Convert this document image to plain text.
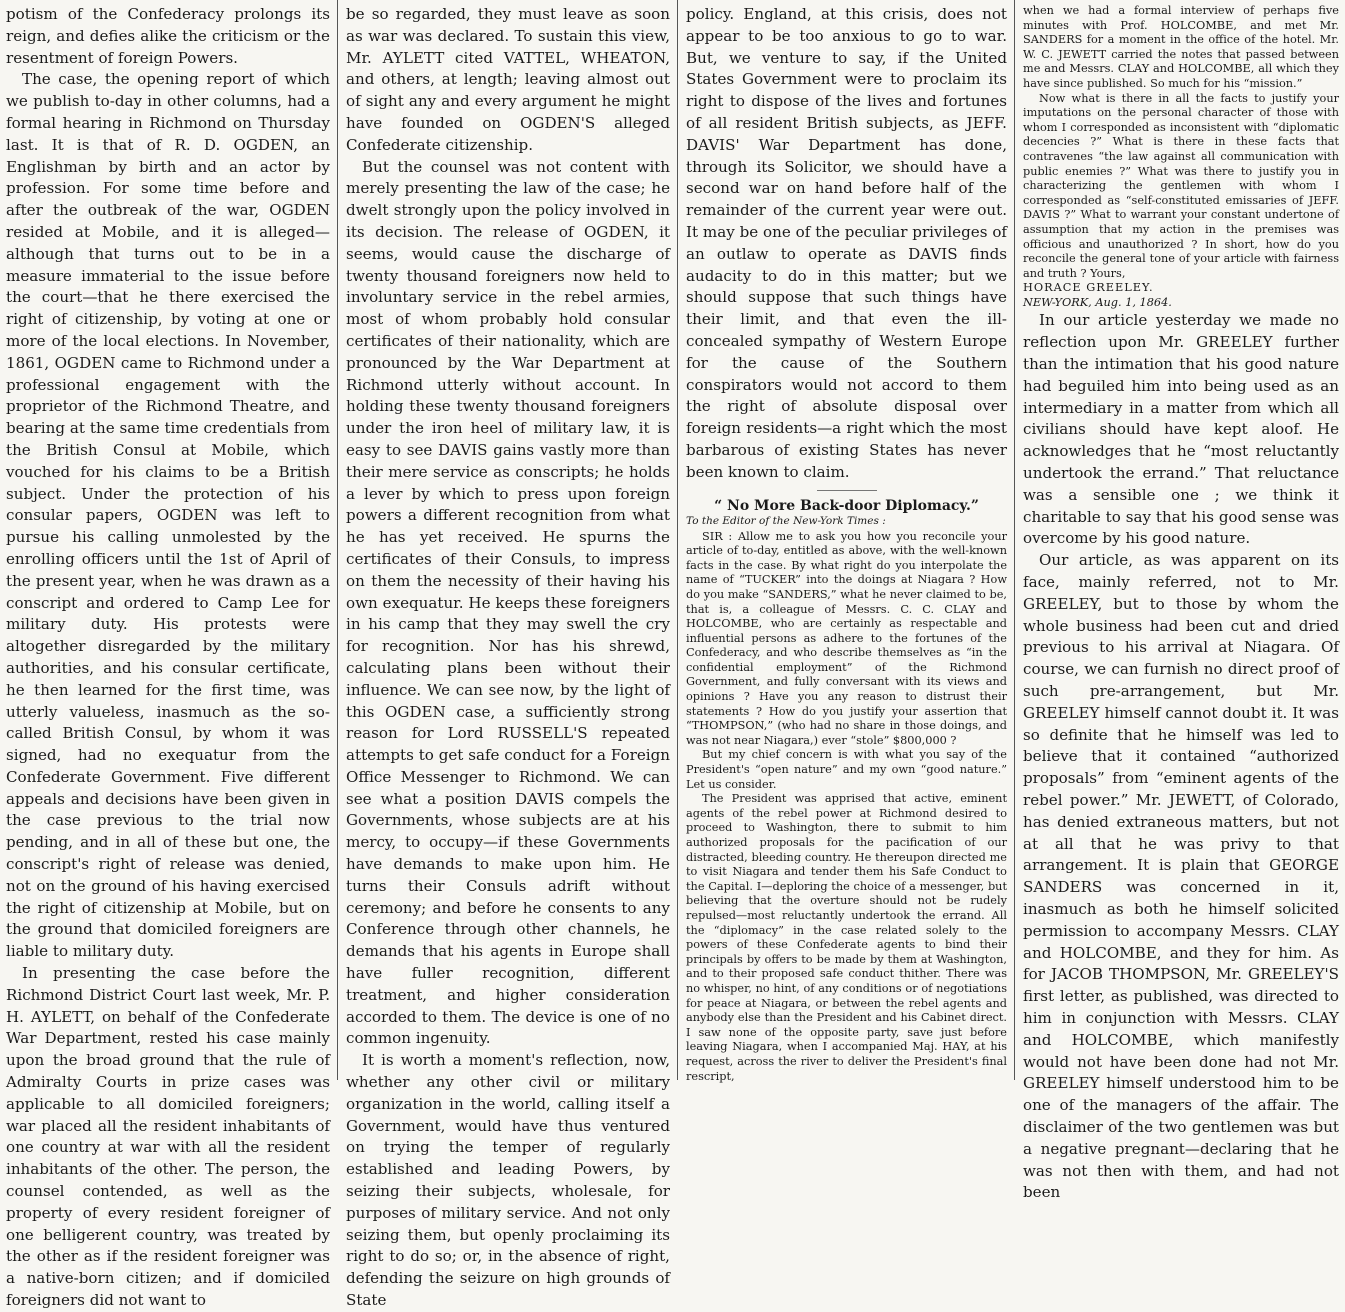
potism of the Confederacy prolongs its reign, and defies alike the criticism or the resentment of foreign Powers.

The case, the opening report of which we publish to-day in other columns, had a formal hearing in Richmond on Thursday last. It is that of R. D. OGDEN, an Englishman by birth and an actor by profession. For some time before and after the outbreak of the war, OGDEN resided at Mobile, and it is alleged—although that turns out to be in a measure immaterial to the issue before the court—that he there exercised the right of citizenship, by voting at one or more of the local elections. In November, 1861, OGDEN came to Richmond under a professional engagement with the proprietor of the Richmond Theatre, and bearing at the same time credentials from the British Consul at Mobile, which vouched for his claims to be a British subject. Under the protection of his consular papers, OGDEN was left to pursue his calling unmolested by the enrolling officers until the 1st of April of the present year, when he was drawn as a conscript and ordered to Camp Lee for military duty. His protests were altogether disregarded by the military authorities, and his consular certificate, he then learned for the first time, was utterly valueless, inasmuch as the so-called British Consul, by whom it was signed, had no exequatur from the Confederate Government. Five different appeals and decisions have been given in the case previous to the trial now pending, and in all of these but one, the conscript's right of release was denied, not on the ground of his having exercised the right of citizenship at Mobile, but on the ground that domiciled foreigners are liable to military duty.

In presenting the case before the Richmond District Court last week, Mr. P. H. AYLETT, on behalf of the Confederate War Department, rested his case mainly upon the broad ground that the rule of Admiralty Courts in prize cases was applicable to all domiciled foreigners; war placed all the resident inhabitants of one country at war with all the resident inhabitants of the other. The person, the counsel contended, as well as the property of every resident foreigner of one belligerent country, was treated by the other as if the resident foreigner was a native-born citizen; and if domiciled foreigners did not want to

be so regarded, they must leave as soon as war was declared. To sustain this view, Mr. AYLETT cited VATTEL, WHEATON, and others, at length; leaving almost out of sight any and every argument he might have founded on OGDEN'S alleged Confederate citizenship.

But the counsel was not content with merely presenting the law of the case; he dwelt strongly upon the policy involved in its decision. The release of OGDEN, it seems, would cause the discharge of twenty thousand foreigners now held to involuntary service in the rebel armies, most of whom probably hold consular certificates of their nationality, which are pronounced by the War Department at Richmond utterly without account. In holding these twenty thousand foreigners under the iron heel of military law, it is easy to see DAVIS gains vastly more than their mere service as conscripts; he holds a lever by which to press upon foreign powers a different recognition from what he has yet received. He spurns the certificates of their Consuls, to impress on them the necessity of their having his own exequatur. He keeps these foreigners in his camp that they may swell the cry for recognition. Nor has his shrewd, calculating plans been without their influence. We can see now, by the light of this OGDEN case, a sufficiently strong reason for Lord RUSSELL'S repeated attempts to get safe conduct for a Foreign Office Messenger to Richmond. We can see what a position DAVIS compels the Governments, whose subjects are at his mercy, to occupy—if these Governments have demands to make upon him. He turns their Consuls adrift without ceremony; and before he consents to any Conference through other channels, he demands that his agents in Europe shall have fuller recognition, different treatment, and higher consideration accorded to them. The device is one of no common ingenuity.

It is worth a moment's reflection, now, whether any other civil or military organization in the world, calling itself a Government, would have thus ventured on trying the temper of regularly established and leading Powers, by seizing their subjects, wholesale, for purposes of military service. And not only seizing them, but openly proclaiming its right to do so; or, in the absence of right, defending the seizure on high grounds of State

policy. England, at this crisis, does not appear to be too anxious to go to war. But, we venture to say, if the United States Government were to proclaim its right to dispose of the lives and fortunes of all resident British subjects, as JEFF. DAVIS' War Department has done, through its Solicitor, we should have a second war on hand before half of the remainder of the current year were out. It may be one of the peculiar privileges of an outlaw to operate as DAVIS finds audacity to do in this matter; but we should suppose that such things have their limit, and that even the ill-concealed sympathy of Western Europe for the cause of the Southern conspirators would not accord to them the right of absolute disposal over foreign residents—a right which the most barbarous of existing States has never been known to claim.

“ No More Back-door Diplomacy.”
To the Editor of the New-York Times :

SIR : Allow me to ask you how you reconcile your article of to-day, entitled as above, with the well-known facts in the case. By what right do you interpolate the name of “TUCKER” into the doings at Niagara ? How do you make “SANDERS,” what he never claimed to be, that is, a colleague of Messrs. C. C. CLAY and HOLCOMBE, who are certainly as respectable and influential persons as adhere to the fortunes of the Confederacy, and who describe themselves as “in the confidential employment” of the Richmond Government, and fully conversant with its views and opinions ? Have you any reason to distrust their statements ? How do you justify your assertion that “THOMPSON,” (who had no share in those doings, and was not near Niagara,) ever “stole” $800,000 ?

But my chief concern is with what you say of the President's “open nature” and my own “good nature.” Let us consider.

The President was apprised that active, eminent agents of the rebel power at Richmond desired to proceed to Washington, there to submit to him authorized proposals for the pacification of our distracted, bleeding country. He thereupon directed me to visit Niagara and tender them his Safe Conduct to the Capital. I—deploring the choice of a messenger, but believing that the overture should not be rudely repulsed—most reluctantly undertook the errand. All the “diplomacy” in the case related solely to the powers of these Confederate agents to bind their principals by offers to be made by them at Washington, and to their proposed safe conduct thither. There was no whisper, no hint, of any conditions or of negotiations for peace at Niagara, or between the rebel agents and anybody else than the President and his Cabinet direct. I saw none of the opposite party, save just before leaving Niagara, when I accompanied Maj. HAY, at his request, across the river to deliver the President's final rescript,

when we had a formal interview of perhaps five minutes with Prof. HOLCOMBE, and met Mr. SANDERS for a moment in the office of the hotel. Mr. W. C. JEWETT carried the notes that passed between me and Messrs. CLAY and HOLCOMBE, all which they have since published. So much for his “mission.”

Now what is there in all the facts to justify your imputations on the personal character of those with whom I corresponded as inconsistent with “diplomatic decencies ?” What is there in these facts that contravenes “the law against all communication with public enemies ?” What was there to justify you in characterizing the gentlemen with whom I corresponded as “self-constituted emissaries of JEFF. DAVIS ?” What to warrant your constant undertone of assumption that my action in the premises was officious and unauthorized ? In short, how do you reconcile the general tone of your article with fairness and truth ? Yours,

HORACE GREELEY.

NEW-YORK, Aug. 1, 1864.

In our article yesterday we made no reflection upon Mr. GREELEY further than the intimation that his good nature had beguiled him into being used as an intermediary in a matter from which all civilians should have kept aloof. He acknowledges that he “most reluctantly undertook the errand.” That reluctance was a sensible one ; we think it charitable to say that his good sense was overcome by his good nature.

Our article, as was apparent on its face, mainly referred, not to Mr. GREELEY, but to those by whom the whole business had been cut and dried previous to his arrival at Niagara. Of course, we can furnish no direct proof of such pre-arrangement, but Mr. GREELEY himself cannot doubt it. It was so definite that he himself was led to believe that it contained “authorized proposals” from “eminent agents of the rebel power.” Mr. JEWETT, of Colorado, has denied extraneous matters, but not at all that he was privy to that arrangement. It is plain that GEORGE SANDERS was concerned in it, inasmuch as both he himself solicited permission to accompany Messrs. CLAY and HOLCOMBE, and they for him. As for JACOB THOMPSON, Mr. GREELEY'S first letter, as published, was directed to him in conjunction with Messrs. CLAY and HOLCOMBE, which manifestly would not have been done had not Mr. GREELEY himself understood him to be one of the managers of the affair. The disclaimer of the two gentlemen was but a negative pregnant—declaring that he was not then with them, and had not been
